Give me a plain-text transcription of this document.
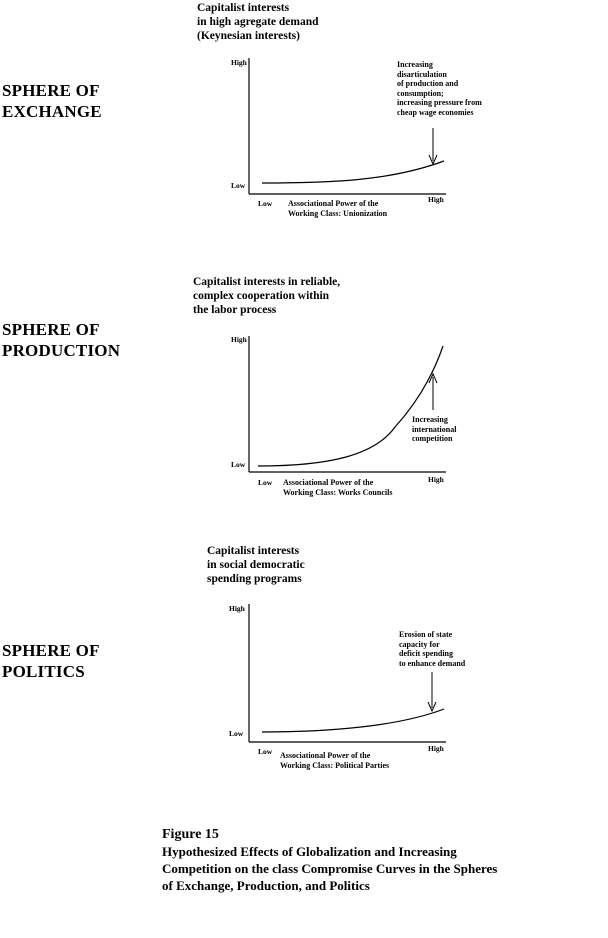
SPHERE OF
EXCHANGE
Capitalist interests
in high agregate demand
(Keynesian interests)
High
Low
Low	High
Associational Power of the
Working Class: Unionization
Increasing
disarticulation
of production and
consumption;
increasing pressure from
cheap wage economies
SPHERE OF
PRODUCTION
Capitalist interests in reliable,
complex cooperation within
the labor process
High
Low
Low	High
Associational Power of the
Working Class: Works Councils
Increasing
international
competition
SPHERE OF
POLITICS
Capitalist interests
in social democratic
spending programs
High
Low
Low	High
Associational Power of the
Working Class: Political Parties
Erosion of state
capacity for
deficit spending
to enhance demand
Figure 15
Hypothesized Effects of Globalization and Increasing
Competition on the class Compromise Curves in the Spheres
of Exchange, Production, and Politics
